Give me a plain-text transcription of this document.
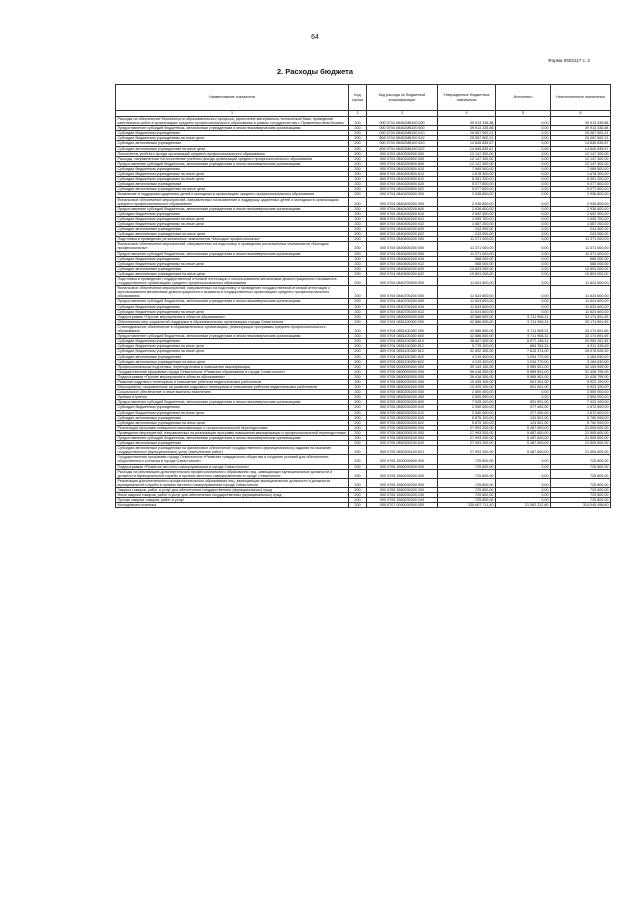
64
Форма 0503117 с. 2
2. Расходы бюджета
Наименование показателя	Код строки	Код расхода по бюджетной классификации	Утвержденные бюджетные назначения	Исполнено	Неисполненные назначения
1	2	3	4	5	6
Расходы на обеспечение безопасности образовательного процесса, укрепление материально-технической базы, проведение капитальных работ в организациях среднего профессионального образования в рамках сотрудничества с Правительством Москвы	200	000 0704 08402М8100 000	39 913 335,88	0,00	39 913 335,88
Предоставление субсидий бюджетным, автономным учреждениям и иным некоммерческим организациям	200	000 0704 08402М8100 600	39 913 335,88	0,00	39 913 335,88
Субсидии бюджетным учреждениям	200	000 0704 08402М8100 610	25 067 500,21	0,00	25 067 500,21
Субсидии бюджетным учреждениям на иные цели	200	808 0704 08402М8100 612	25 067 500,21	0,00	25 067 500,21
Субсидии автономным учреждениям	200	000 0704 08402М8100 620	14 845 835,67	0,00	14 845 835,67
Субсидии автономным учреждениям на иные цели	200	809 0704 08402М8100 622	14 845 835,67	0,00	14 845 835,67
Пополнение учебного фонда организаций среднего профессионального образования	200	000 0704 0840300000 000	12 147 300,00	0,00	12 147 300,00
Расходы, направленные на пополнение учебного фонда организаций среднего профессионального образования	200	000 0704 0840300500 000	12 147 300,00	0,00	12 147 300,00
Предоставление субсидий бюджетным, автономным учреждениям и иным некоммерческим организациям	200	000 0704 0840300500 600	12 147 300,00	0,00	12 147 300,00
Субсидии бюджетным учреждениям	200	000 0704 0840300500 610	7 069 500,00	0,00	7 069 500,00
Субсидии бюджетным учреждениям на иные цели	200	808 0704 0840300500 612	1 678 300,00	0,00	1 678 300,00
Субсидии бюджетным учреждениям на иные цели	200	809 0704 0840300500 612	5 391 200,00	0,00	5 391 200,00
Субсидии автономным учреждениям	200	000 0704 0840300500 620	5 077 800,00	0,00	5 077 800,00
Субсидии автономным учреждениям на иные цели	200	809 0704 0840300500 622	5 077 800,00	0,00	5 077 800,00
Выявление и поддержка одаренных детей и молодежи в организациях среднего профессионального образования	200	000 0704 0840400000 000	2 936 800,00	0,00	2 936 800,00
Финансовое обеспечение мероприятий, направленных на выявление и поддержку одаренных детей и молодежи в организациях среднего профессионального образования	200	000 0704 0840400200 000	2 936 800,00	0,00	2 936 800,00
Предоставление субсидий бюджетным, автономным учреждениям и иным некоммерческим организациям	200	000 0704 0840400200 600	2 936 800,00	0,00	2 936 800,00
Субсидии бюджетным учреждениям	200	000 0704 0840400200 610	2 692 900,00	0,00	2 692 900,00
Субсидии бюджетным учреждениям на иные цели	200	808 0704 0840400200 612	1 005 700,00	0,00	1 005 700,00
Субсидии бюджетным учреждениям на иные цели	200	809 0704 0840400200 612	1 687 200,00	0,00	1 687 200,00
Субсидии автономным учреждениям	200	000 0704 0840400200 620	243 900,00	0,00	243 900,00
Субсидии автономным учреждениям на иные цели	200	809 0704 0840400200 622	243 900,00	0,00	243 900,00
Подготовка и проведение региональных чемпионатов «Молодые профессионалы»	200	000 0704 0840600000 000	11 371 000,00	0,00	11 371 000,00
Финансовое обеспечение мероприятий, направленных на подготовку и проведение региональных чемпионатов «Молодые профессионалы»	200	000 0704 0840600200 000	11 371 000,00	0,00	11 371 000,00
Предоставление субсидий бюджетным, автономным учреждениям и иным некоммерческим организациям	200	000 0704 0840600200 600	11 371 000,00	0,00	11 371 000,00
Субсидии бюджетным учреждениям	200	000 0704 0840600200 610	568 000,00	0,00	568 000,00
Субсидии бюджетным учреждениям на иные цели	200	809 0704 0840600200 612	568 000,00	0,00	568 000,00
Субсидии автономным учреждениям	200	000 0704 0840600200 620	10 803 000,00	0,00	10 803 000,00
Субсидии автономным учреждениям на иные цели	200	809 0704 0840600200 622	10 803 000,00	0,00	10 803 000,00
Подготовка и проведение государственной итоговой аттестации с использованием механизмов демонстрационного экзамена в государственных организациях среднего профессионального образования	200	000 0704 0840700000 000	11 624 600,00	0,00	11 624 600,00
Финансовое обеспечение мероприятий, направленных на подготовку и проведение государственной итоговой аттестации с использованием механизмов демонстрационного экзамена в государственных организациях среднего профессионального образования	200	000 0704 0840700200 000	11 624 600,00	0,00	11 624 600,00
Предоставление субсидий бюджетным, автономным учреждениям и иным некоммерческим организациям	200	000 0704 0840700200 600	11 624 600,00	0,00	11 624 600,00
Субсидии бюджетным учреждениям	200	000 0704 0840700200 610	11 624 600,00	0,00	11 624 600,00
Субсидии бюджетным учреждениям на иные цели	200	809 0704 0840700200 612	11 624 600,00	0,00	11 624 600,00
Подпрограмма «Прочие мероприятия в области образования»	200	000 0704 0850000000 000	42 886 800,00	9 711 908,31	33 174 891,69
Обеспечение мер социальной поддержки в образовательных организациях города Севастополя	200	000 0704 0851100000 000	42 886 800,00	9 711 908,31	33 174 891,69
Стипендиальное обеспечение в образовательных организациях, реализующих программы среднего профессионального образования	200	000 0704 0851100350 000	42 886 800,00	9 711 908,31	33 174 891,69
Предоставление субсидий бюджетным, автономным учреждениям и иным некоммерческим организациям	200	000 0704 0851100350 600	42 886 800,00	9 711 908,31	33 174 891,69
Субсидии бюджетным учреждениям	200	000 0704 0851100350 610	38 667 400,00	8 677 138,31	29 990 261,69
Субсидии бюджетным учреждениям на иные цели	200	808 0704 0851100350 612	5 775 100,00	863 764,31	4 911 335,69
Субсидии бюджетным учреждениям на иные цели	200	809 0704 0851100350 612	32 892 300,00	7 813 374,00	25 078 926,00
Субсидии автономным учреждениям	200	000 0704 0851100350 620	4 219 400,00	1 034 770,00	3 184 630,00
Субсидии автономным учреждениям на иные цели	200	809 0704 0851100350 622	4 219 400,00	1 034 770,00	3 184 630,00
Профессиональная подготовка, переподготовка и повышение квалификации	200	000 0705 0000000000 000	39 144 100,00	5 989 501,00	33 154 599,00
Государственная программа города Севастополя «Развитие образования в городе Севастополе»	200	000 0705 0800000000 000	36 418 300,00	5 989 501,00	31 428 799,00
Подпрограмма «Прочие мероприятия в области образования»	200	000 0705 0850000000 000	36 418 300,00	5 989 501,00	31 428 799,00
Развитие кадрового потенциала и повышение рейтинга педагогических работников	200	000 0705 0850200000 000	10 425 100,00	501 901,00	9 923 199,00
Мероприятия, направленные на развитие кадрового потенциала и повышение рейтинга педагогических работников	200	000 0705 0850200200 000	10 425 100,00	501 901,00	9 923 199,00
Социальное обеспечение и иные выплаты населению	200	000 0705 0850200200 300	2 500 000,00	0,00	2 500 000,00
Премии и гранты	200	000 0705 0850200200 350	2 500 000,00	0,00	2 500 000,00
Предоставление субсидий бюджетным, автономным учреждениям и иным некоммерческим организациям	200	000 0705 0850200200 600	7 925 100,00	501 901,00	7 423 199,00
Субсидии бюджетным учреждениям	200	000 0705 0850200200 610	2 050 000,00	377 400,00	1 672 600,00
Субсидии бюджетным учреждениям на иные цели	200	808 0705 0850200200 612	2 050 000,00	377 400,00	1 672 600,00
Субсидии автономным учреждениям	200	000 0705 0850200200 620	5 875 100,00	124 501,00	5 750 599,00
Субсидии автономным учреждениям на иные цели	200	809 0705 0850200200 622	5 875 100,00	124 501,00	5 750 599,00
Реализация программ повышения квалификации и профессиональной переподготовки	200	000 0705 0850300000 000	27 993 200,00	5 487 600,00	21 505 600,00
Проведение мероприятий, направленных на реализацию программ повышения квалификации и профессиональной переподготовки	200	000 0705 0850300100 000	27 993 200,00	5 487 600,00	21 505 600,00
Предоставление субсидий бюджетным, автономным учреждениям и иным некоммерческим организациям	200	000 0705 0850300100 600	27 993 200,00	5 487 600,00	21 505 600,00
Субсидии автономным учреждениям	200	000 0705 0850300100 620	27 993 200,00	5 487 600,00	21 505 600,00
Субсидии автономным учреждениям на финансовое обеспечение государственного (муниципального) задания на оказание государственных (муниципальных) услуг (выполнение работ)	200	809 0705 0850300100 621	27 993 200,00	5 487 600,00	21 505 600,00
Государственная программа города Севастополя «Развитие гражданского общества и создание условий для обеспечения общественного согласия в городе Севастополе»	200	000 0705 1500000000 000	725 800,00	0,00	725 800,00
Подпрограмма «Развитие местного самоуправления в городе Севастополе»	200	000 0705 1560000000 000	725 800,00	0,00	725 800,00
Расходы на реализацию дополнительного профессионального образования лиц, замещающих муниципальные должности и должности муниципальной службы в органах местного самоуправления в городе Севастополе	200	000 0705 1560200000 000	725 800,00	0,00	725 800,00
Реализация дополнительного профессионального образования лиц, замещающих муниципальные должности и должности муниципальной службы в органах местного самоуправления города Севастополя	200	000 0705 1560200200 000	725 800,00	0,00	725 800,00
Закупка товаров, работ и услуг для обеспечения государственных (муниципальных) нужд	200	000 0705 1560200200 200	725 800,00	0,00	725 800,00
Иные закупки товаров, работ и услуг для обеспечения государственных (муниципальных) нужд	200	000 0705 1560200200 240	725 800,00	0,00	725 800,00
Прочая закупка товаров, работ и услуг	200	000 0705 1560200200 244	725 800,00	0,00	725 800,00
Молодежная политика	200	000 0707 0000000000 000	335 607 711,40	21 562 212,80	314 045 498,60
